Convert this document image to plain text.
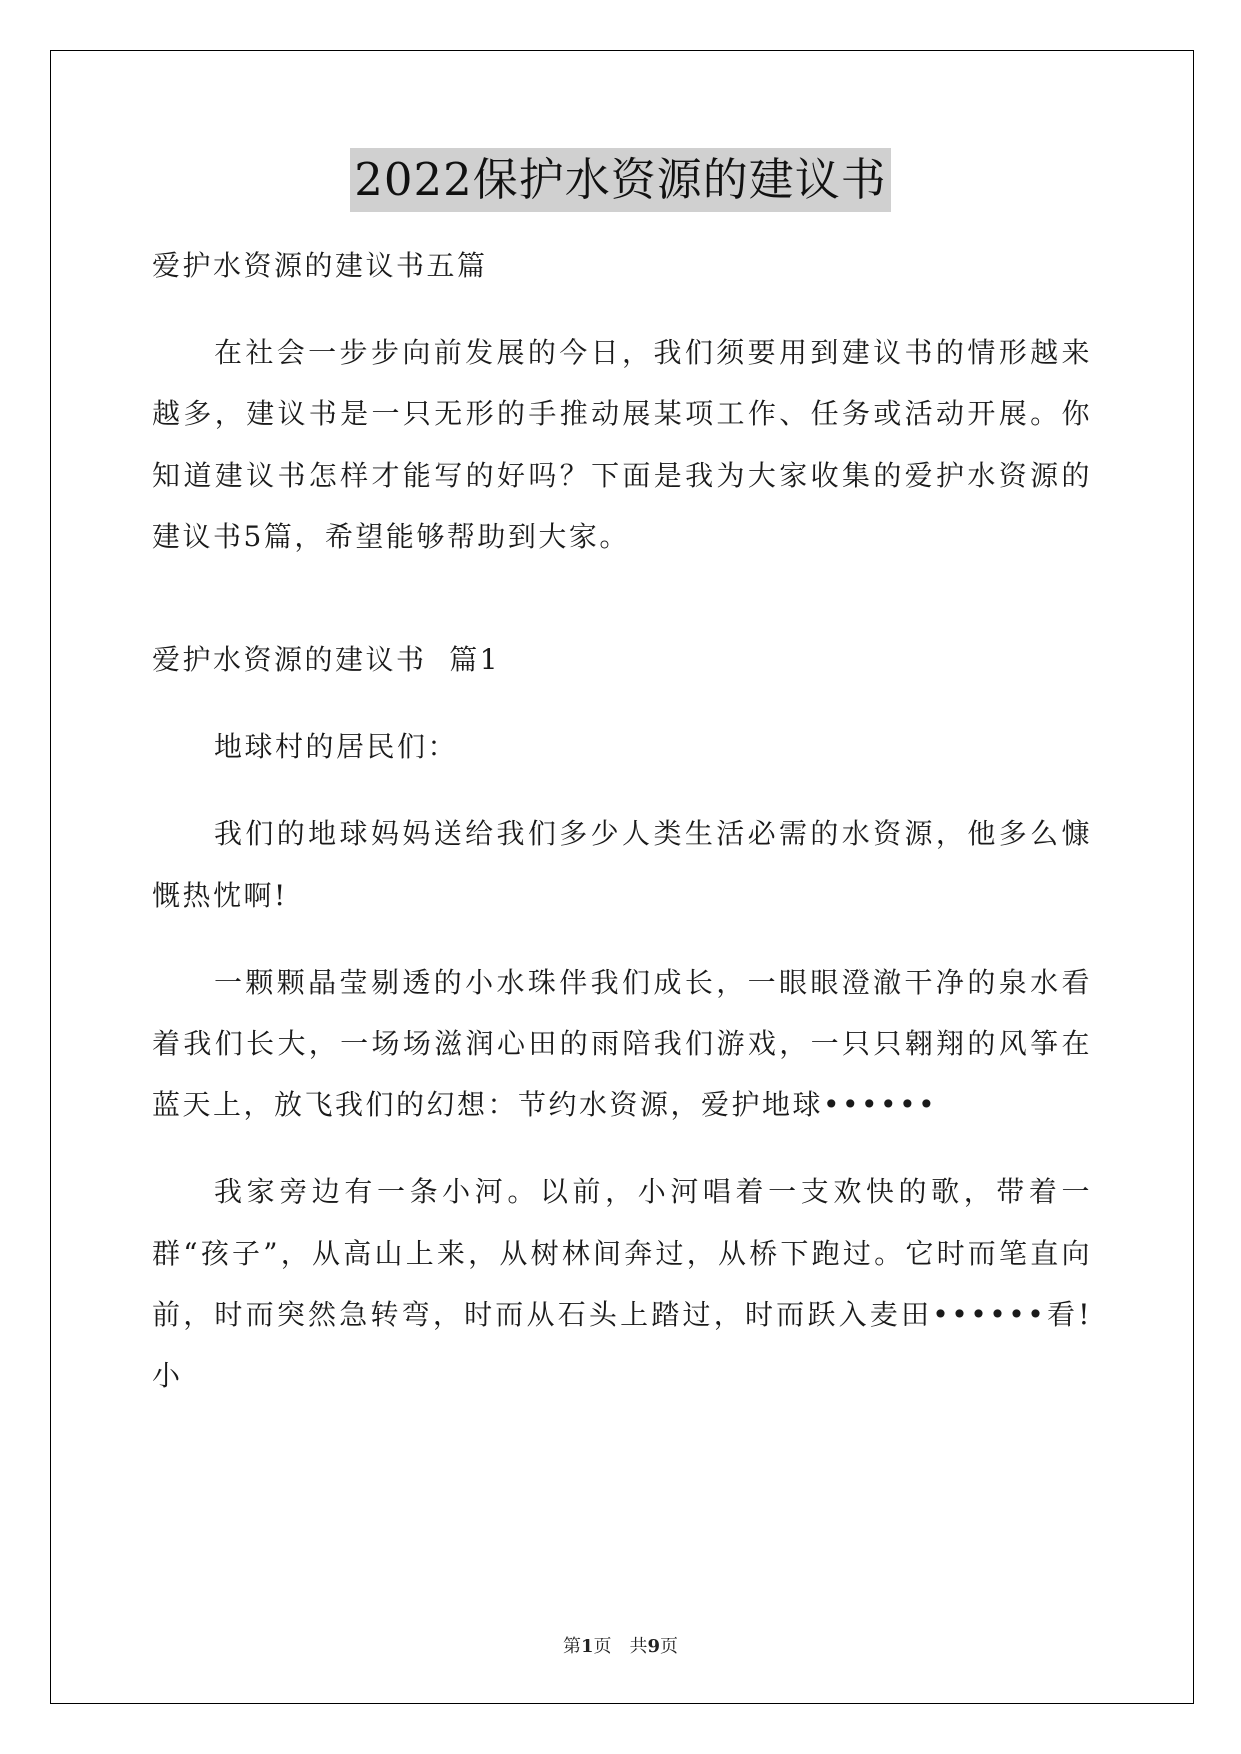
2022保护水资源的建议书

爱护水资源的建议书五篇

在社会一步步向前发展的今日，我们须要用到建议书的情形越来越多，建议书是一只无形的手推动展某项工作、任务或活动开展。你知道建议书怎样才能写的好吗？下面是我为大家收集的爱护水资源的建议书5篇，希望能够帮助到大家。

爱护水资源的建议书  篇1

地球村的居民们：

我们的地球妈妈送给我们多少人类生活必需的水资源，他多么慷慨热忱啊!

一颗颗晶莹剔透的小水珠伴我们成长，一眼眼澄澈干净的泉水看着我们长大，一场场滋润心田的雨陪我们游戏，一只只翱翔的风筝在蓝天上，放飞我们的幻想：节约水资源，爱护地球••••••

我家旁边有一条小河。以前，小河唱着一支欢快的歌，带着一群“孩子”，从高山上来，从树林间奔过，从桥下跑过。它时而笔直向前，时而突然急转弯，时而从石头上踏过，时而跃入麦田••••••看!小

第1页　共9页
